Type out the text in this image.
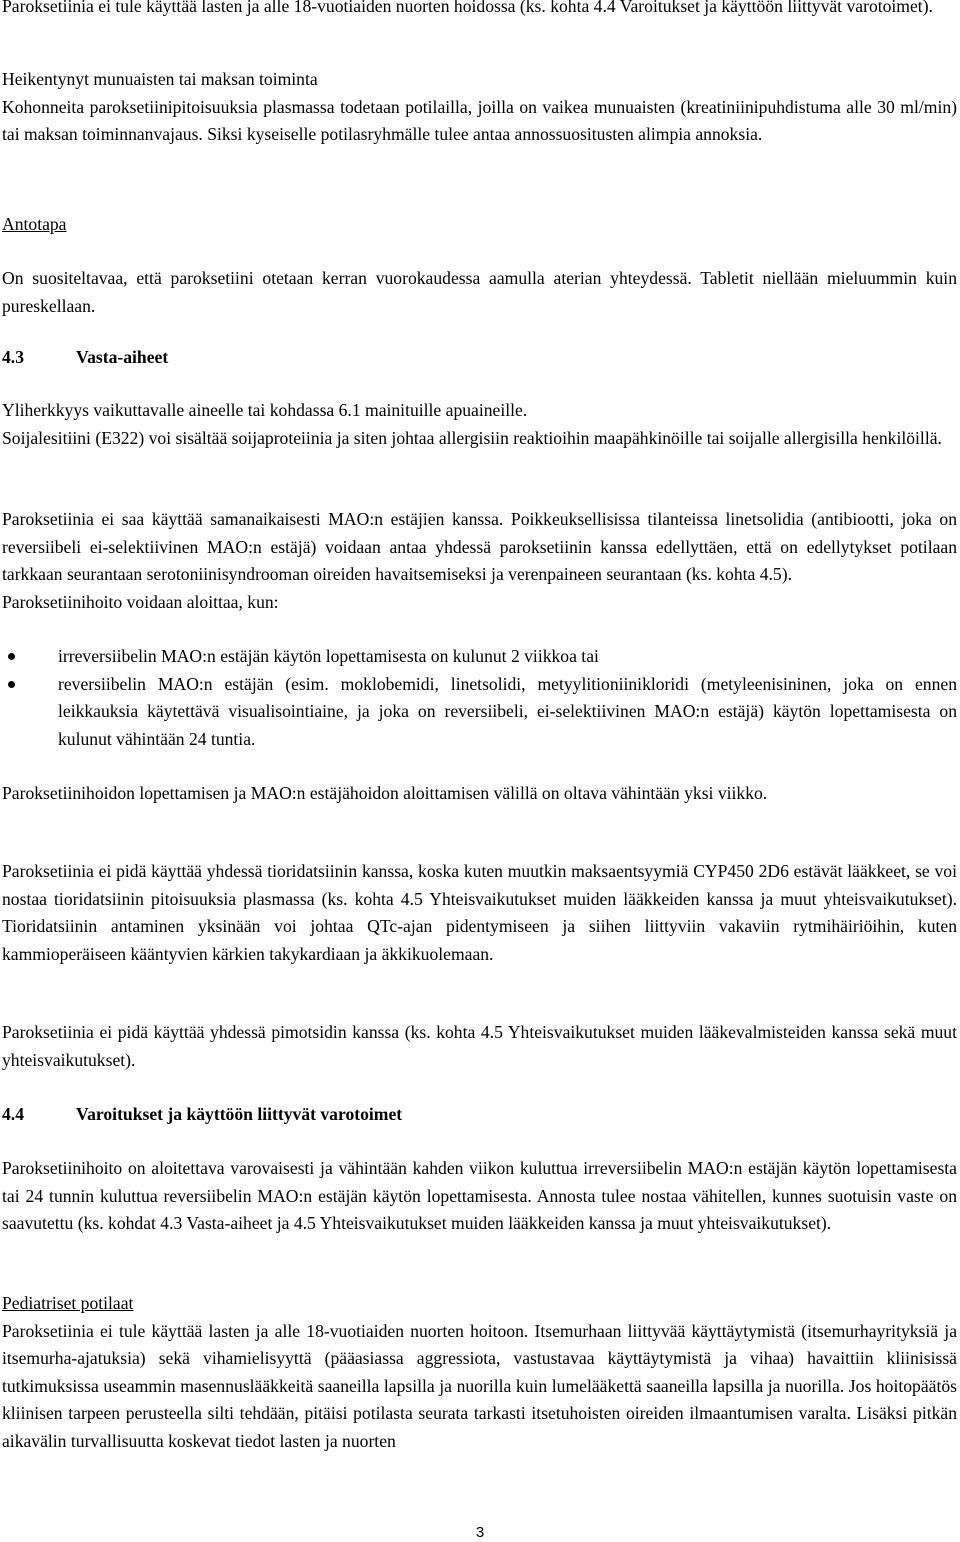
Paroksetiinia ei tule käyttää lasten ja alle 18-vuotiaiden nuorten hoidossa (ks. kohta 4.4 Varoitukset ja käyttöön liittyvät varotoimet).

Heikentynyt munuaisten tai maksan toiminta
Kohonneita paroksetiinipitoisuuksia plasmassa todetaan potilailla, joilla on vaikea munuaisten (kreatiniinipuhdistuma alle 30 ml/min) tai maksan toiminnanvajaus. Siksi kyseiselle potilasryhmälle tulee antaa annossuositusten alimpia annoksia.
Antotapa

On suositeltavaa, että paroksetiini otetaan kerran vuorokaudessa aamulla aterian yhteydessä. Tabletit niellään mieluummin kuin pureskellaan.

4.3	Vasta-aiheet
Yliherkkyys vaikuttavalle aineelle tai kohdassa 6.1 mainituille apuaineille.
Soijalesitiini (E322) voi sisältää soijaproteiinia ja siten johtaa allergisiin reaktioihin maapähkinöille tai soijalle allergisilla henkilöillä.
Paroksetiinia ei saa käyttää samanaikaisesti MAO:n estäjien kanssa. Poikkeuksellisissa tilanteissa linetsolidia (antibiootti, joka on reversiibeli ei-selektiivinen MAO:n estäjä) voidaan antaa yhdessä paroksetiinin kanssa edellyttäen, että on edellytykset potilaan tarkkaan seurantaan serotoniinisyndrooman oireiden havaitsemiseksi ja verenpaineen seurantaan (ks. kohta 4.5).
Paroksetiinihoito voidaan aloittaa, kun:
irreversiibelin MAO:n estäjän käytön lopettamisesta on kulunut 2 viikkoa tai
reversiibelin MAO:n estäjän (esim. moklobemidi, linetsolidi, metyylitioniinikloridi (metyleenisininen, joka on ennen leikkauksia käytettävä visualisointiaine, ja joka on reversiibeli, ei-selektiivinen MAO:n estäjä) käytön lopettamisesta on kulunut vähintään 24 tuntia.

Paroksetiinihoidon lopettamisen ja MAO:n estäjähoidon aloittamisen välillä on oltava vähintään yksi viikko.

Paroksetiinia ei pidä käyttää yhdessä tioridatsiinin kanssa, koska kuten muutkin maksaentsyymiä CYP450 2D6 estävät lääkkeet, se voi nostaa tioridatsiinin pitoisuuksia plasmassa (ks. kohta 4.5 Yhteisvaikutukset muiden lääkkeiden kanssa ja muut yhteisvaikutukset). Tioridatsiinin antaminen yksinään voi johtaa QTc-ajan pidentymiseen ja siihen liittyviin vakaviin rytmihäiriöihin, kuten kammioperäiseen kääntyvien kärkien takykardiaan ja äkkikuolemaan.

Paroksetiinia ei pidä käyttää yhdessä pimotsidin kanssa (ks. kohta 4.5 Yhteisvaikutukset muiden lääkevalmisteiden kanssa sekä muut yhteisvaikutukset).

4.4	Varoitukset ja käyttöön liittyvät varotoimet

Paroksetiinihoito on aloitettava varovaisesti ja vähintään kahden viikon kuluttua irreversiibelin MAO:n estäjän käytön lopettamisesta tai 24 tunnin kuluttua reversiibelin MAO:n estäjän käytön lopettamisesta. Annosta tulee nostaa vähitellen, kunnes suotuisin vaste on saavutettu (ks. kohdat 4.3 Vasta-aiheet ja 4.5 Yhteisvaikutukset muiden lääkkeiden kanssa ja muut yhteisvaikutukset).

Pediatriset potilaat
Paroksetiinia ei tule käyttää lasten ja alle 18-vuotiaiden nuorten hoitoon. Itsemurhaan liittyvää käyttäytymistä (itsemurhayrityksiä ja itsemurha-ajatuksia) sekä vihamielisyyttä (pääasiassa aggressiota, vastustavaa käyttäytymistä ja vihaa) havaittiin kliinisissä tutkimuksissa useammin masennuslääkkeitä saaneilla lapsilla ja nuorilla kuin lumelääkettä saaneilla lapsilla ja nuorilla. Jos hoitopäätös kliinisen tarpeen perusteella silti tehdään, pitäisi potilasta seurata tarkasti itsetuhoisten oireiden ilmaantumisen varalta. Lisäksi pitkän aikavälin turvallisuutta koskevat tiedot lasten ja nuorten
3
